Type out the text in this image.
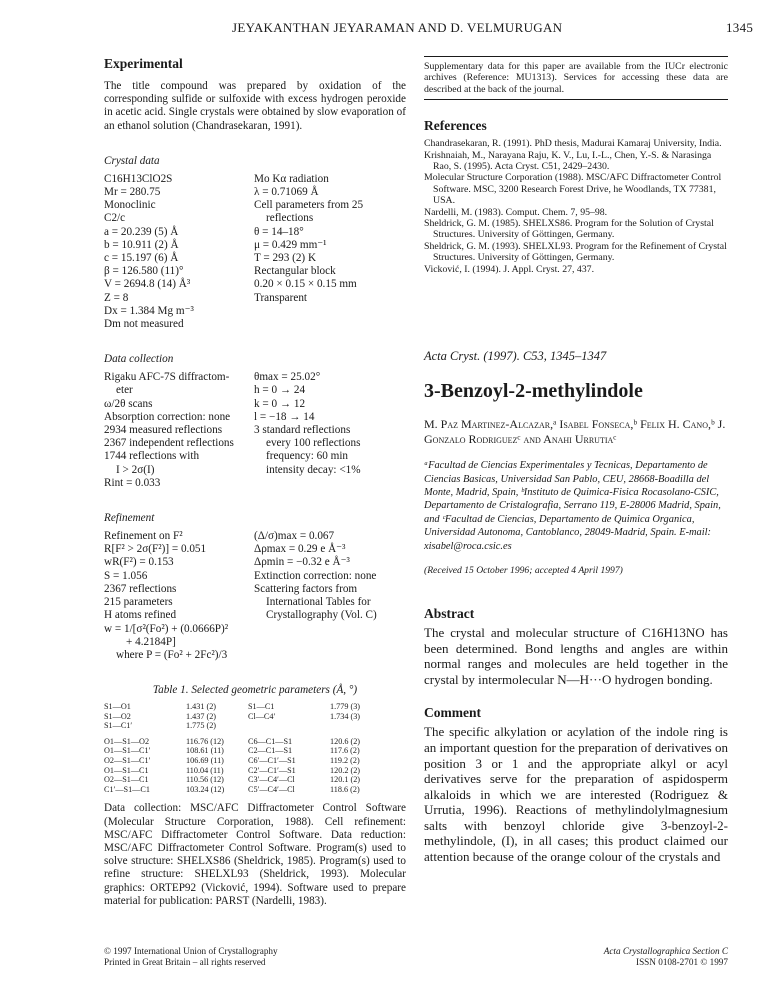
JEYAKANTHAN JEYARAMAN AND D. VELMURUGAN	1345
Experimental

The title compound was prepared by oxidation of the corresponding sulfide or sulfoxide with excess hydrogen peroxide in acetic acid. Single crystals were obtained by slow evaporation of an ethanol solution (Chandrasekaran, 1991).

Crystal data
C16H13ClO2S
Mr = 280.75
Monoclinic
C2/c
a = 20.239 (5) Å
b = 10.911 (2) Å
c = 15.197 (6) Å
β = 126.580 (11)°
V = 2694.8 (14) Å³
Z = 8
Dx = 1.384 Mg m⁻³
Dm not measured
Mo Kα radiation
λ = 0.71069 Å
Cell parameters from 25
reflections
θ = 14–18°
μ = 0.429 mm⁻¹
T = 293 (2) K
Rectangular block
0.20 × 0.15 × 0.15 mm
Transparent
Data collection
Rigaku AFC-7S diffractom-
eter
ω/2θ scans
Absorption correction: none
2934 measured reflections
2367 independent reflections
1744 reflections with
I > 2σ(I)
Rint = 0.033
θmax = 25.02°
h = 0 → 24
k = 0 → 12
l = −18 → 14
3 standard reflections
every 100 reflections
frequency: 60 min
intensity decay: <1%
Refinement
Refinement on F²
R[F² > 2σ(F²)] = 0.051
wR(F²) = 0.153
S = 1.056
2367 reflections
215 parameters
H atoms refined
w = 1/[σ²(Fo²) + (0.0666P)²
+ 4.2184P]
where P = (Fo² + 2Fc²)/3
(Δ/σ)max = 0.067
Δρmax = 0.29 e Å⁻³
Δρmin = −0.32 e Å⁻³
Extinction correction: none
Scattering factors from
International Tables for
Crystallography (Vol. C)
Table 1. Selected geometric parameters (Å, °)
S1—O1	1.431 (2)	S1—C1	1.779 (3)
S1—O2	1.437 (2)	Cl—C4′	1.734 (3)
S1—C1′	1.775 (2)		

O1—S1—O2	116.76 (12)	C6—C1—S1	120.6 (2)
O1—S1—C1′	108.61 (11)	C2—C1—S1	117.6 (2)
O2—S1—C1′	106.69 (11)	C6′—C1′—S1	119.2 (2)
O1—S1—C1	110.04 (11)	C2′—C1′—S1	120.2 (2)
O2—S1—C1	110.56 (12)	C3′—C4′—Cl	120.1 (2)
C1′—S1—C1	103.24 (12)	C5′—C4′—Cl	118.6 (2)

Data collection: MSC/AFC Diffractometer Control Software (Molecular Structure Corporation, 1988). Cell refinement: MSC/AFC Diffractometer Control Software. Data reduction: MSC/AFC Diffractometer Control Software. Program(s) used to solve structure: SHELXS86 (Sheldrick, 1985). Program(s) used to refine structure: SHELXL93 (Sheldrick, 1993). Molecular graphics: ORTEP92 (Vicković, 1994). Software used to prepare material for publication: PARST (Nardelli, 1983).

© 1997 International Union of Crystallography
Printed in Great Britain – all rights reserved

Supplementary data for this paper are available from the IUCr electronic archives (Reference: MU1313). Services for accessing these data are described at the back of the journal.

References
Chandrasekaran, R. (1991). PhD thesis, Madurai Kamaraj University, India.
Krishnaiah, M., Narayana Raju, K. V., Lu, I.-L., Chen, Y.-S. & Narasinga Rao, S. (1995). Acta Cryst. C51, 2429–2430.
Molecular Structure Corporation (1988). MSC/AFC Diffractometer Control Software. MSC, 3200 Research Forest Drive, he Woodlands, TX 77381, USA.
Nardelli, M. (1983). Comput. Chem. 7, 95–98.
Sheldrick, G. M. (1985). SHELXS86. Program for the Solution of Crystal Structures. University of Göttingen, Germany.
Sheldrick, G. M. (1993). SHELXL93. Program for the Refinement of Crystal Structures. University of Göttingen, Germany.
Vicković, I. (1994). J. Appl. Cryst. 27, 437.
Acta Cryst. (1997). C53, 1345–1347
3-Benzoyl-2-methylindole
M. Paz Martinez-Alcazar,ᵃ Isabel Fonseca,ᵇ Felix H. Cano,ᵇ J. Gonzalo Rodriguezᶜ and Anahi Urrutiaᶜ
ᵃFacultad de Ciencias Experimentales y Tecnicas, Departamento de Ciencias Basicas, Universidad San Pablo, CEU, 28668-Boadilla del Monte, Madrid, Spain, ᵇInstituto de Quimica-Fisica Rocasolano-CSIC, Departamento de Cristalografia, Serrano 119, E-28006 Madrid, Spain, and ᶜFacultad de Ciencias, Departamento de Quimica Organica, Universidad Autonoma, Cantoblanco, 28049-Madrid, Spain. E-mail: xisabel@roca.csic.es
(Received 15 October 1996; accepted 4 April 1997)
Abstract

The crystal and molecular structure of C16H13NO has been determined. Bond lengths and angles are within normal ranges and molecules are held together in the crystal by intermolecular N—H···O hydrogen bonding.

Comment

The specific alkylation or acylation of the indole ring is an important question for the preparation of derivatives on position 3 or 1 and the appropriate alkyl or acyl derivatives serve for the preparation of aspidosperm alkaloids in which we are interested (Rodriguez & Urrutia, 1996). Reactions of methylindolylmagnesium salts with benzoyl chloride give 3-benzoyl-2-methylindole, (I), in all cases; this product claimed our attention because of the orange colour of the crystals and

Acta Crystallographica Section C
ISSN 0108-2701 © 1997
